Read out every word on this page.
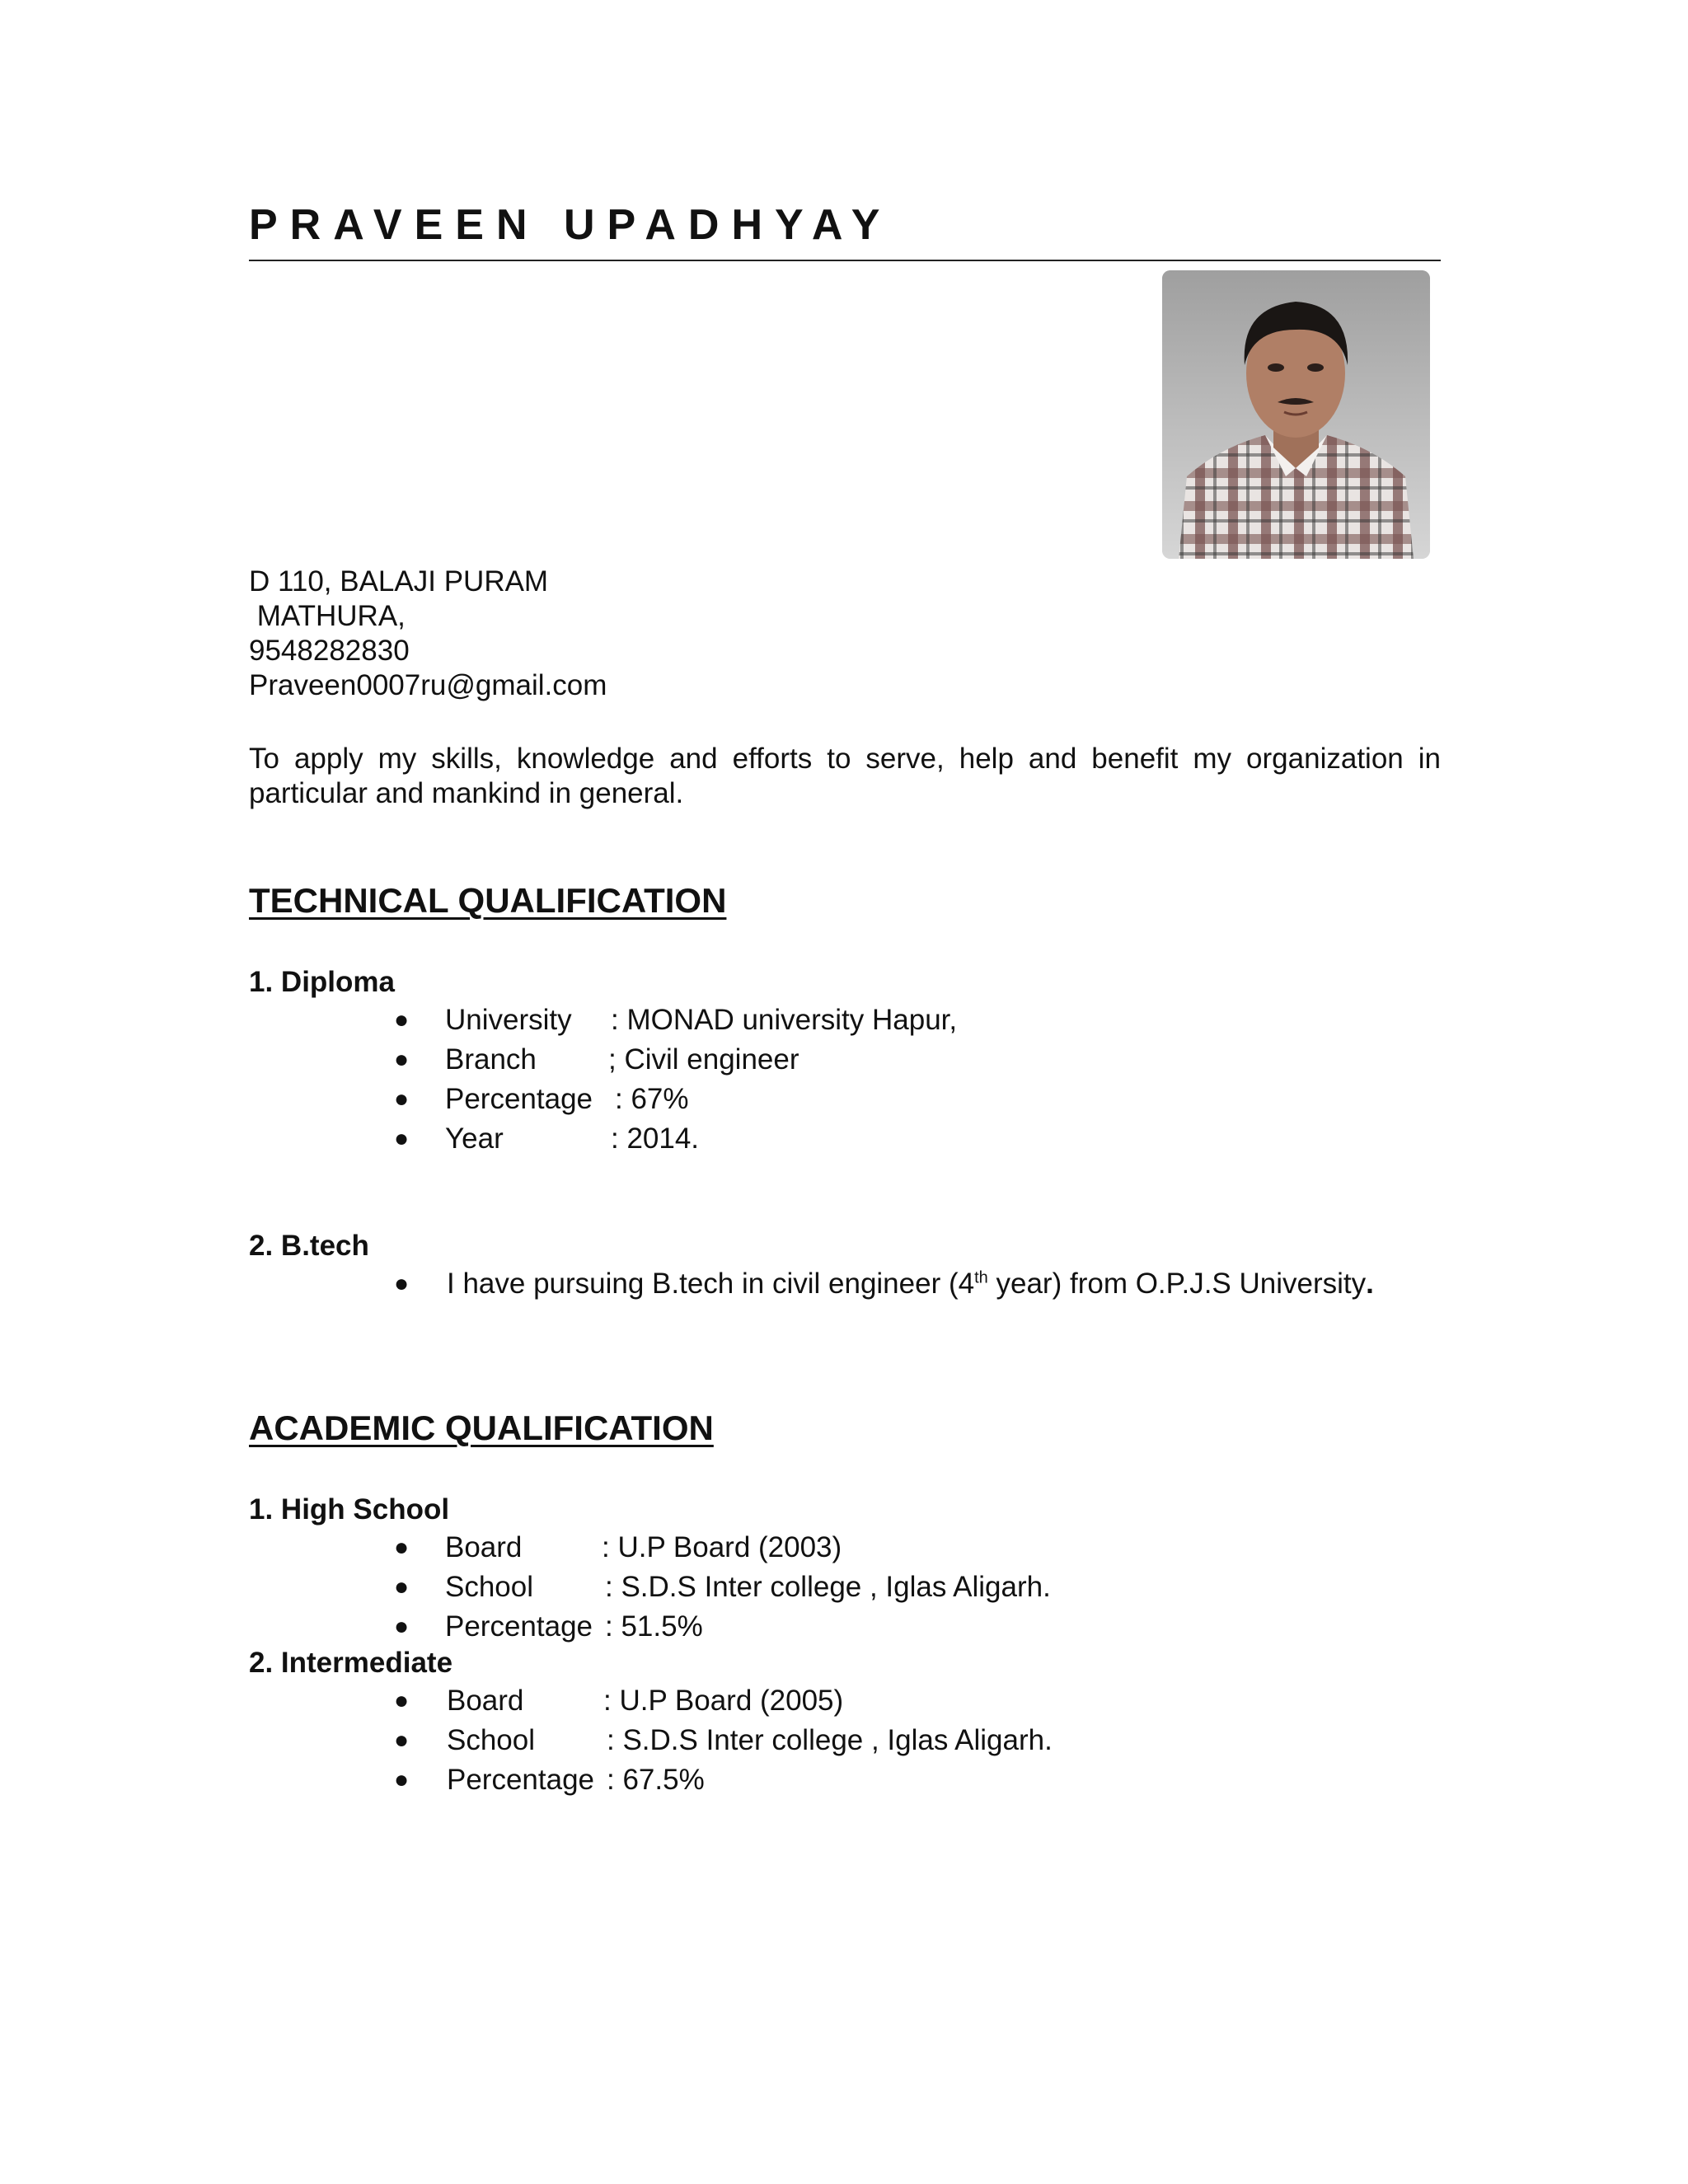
PRAVEEN UPADHYAY
D 110, BALAJI PURAM
MATHURA,
9548282830
Praveen0007ru@gmail.com
To apply my skills, knowledge and efforts to serve, help and benefit my organization in particular and mankind in general.
TECHNICAL QUALIFICATION
1. Diploma
● University : MONAD university Hapur,
● Branch ; Civil engineer
● Percentage : 67%
● Year	: 2014.
2. B.tech
● I have pursuing B.tech in civil engineer (4th year) from O.P.J.S University.
ACADEMIC QUALIFICATION
1. High School
● Board	: U.P Board (2003)
● School : S.D.S Inter college , Iglas Aligarh.
● Percentage : 51.5%
2. Intermediate
● Board	: U.P Board (2005)
● School : S.D.S Inter college , Iglas Aligarh.
● Percentage : 67.5%
